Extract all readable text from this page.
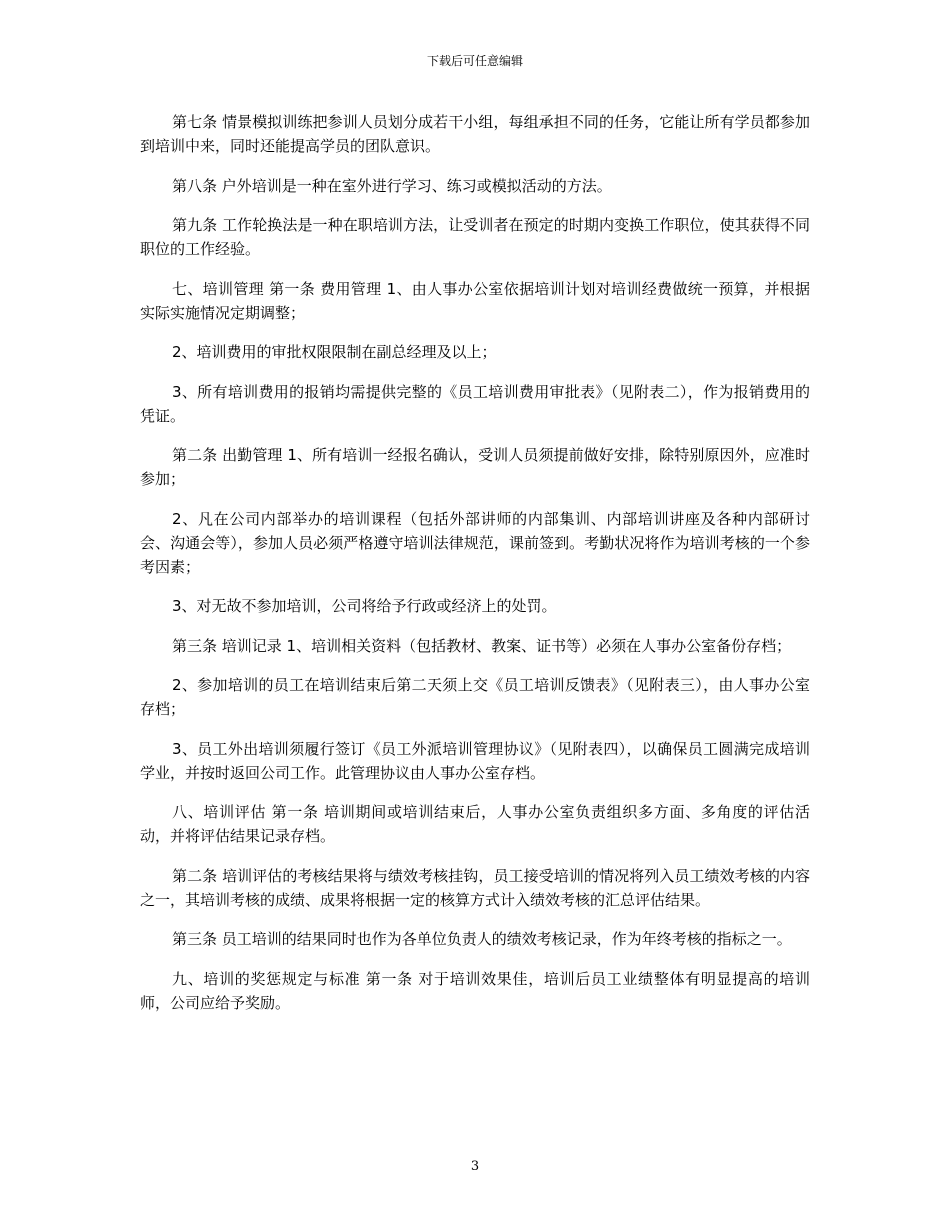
下载后可任意编辑

第七条 情景模拟训练把参训人员划分成若干小组，每组承担不同的任务，它能让所有学员都参加到培训中来，同时还能提高学员的团队意识。

第八条 户外培训是一种在室外进行学习、练习或模拟活动的方法。

第九条 工作轮换法是一种在职培训方法，让受训者在预定的时期内变换工作职位，使其获得不同职位的工作经验。

七、培训管理 第一条 费用管理 1、由人事办公室依据培训计划对培训经费做统一预算，并根据实际实施情况定期调整；

2、培训费用的审批权限限制在副总经理及以上；

3、所有培训费用的报销均需提供完整的《员工培训费用审批表》（见附表二），作为报销费用的凭证。

第二条 出勤管理 1、所有培训一经报名确认，受训人员须提前做好安排，除特别原因外，应准时参加；

2、凡在公司内部举办的培训课程（包括外部讲师的内部集训、内部培训讲座及各种内部研讨会、沟通会等），参加人员必须严格遵守培训法律规范，课前签到。考勤状况将作为培训考核的一个参考因素；

3、对无故不参加培训，公司将给予行政或经济上的处罚。

第三条 培训记录 1、培训相关资料（包括教材、教案、证书等）必须在人事办公室备份存档；

2、参加培训的员工在培训结束后第二天须上交《员工培训反馈表》（见附表三），由人事办公室存档；

3、员工外出培训须履行签订《员工外派培训管理协议》（见附表四），以确保员工圆满完成培训学业，并按时返回公司工作。此管理协议由人事办公室存档。

八、培训评估 第一条 培训期间或培训结束后，人事办公室负责组织多方面、多角度的评估活动，并将评估结果记录存档。

第二条 培训评估的考核结果将与绩效考核挂钩，员工接受培训的情况将列入员工绩效考核的内容之一，其培训考核的成绩、成果将根据一定的核算方式计入绩效考核的汇总评估结果。

第三条 员工培训的结果同时也作为各单位负责人的绩效考核记录，作为年终考核的指标之一。

九、培训的奖惩规定与标准 第一条 对于培训效果佳，培训后员工业绩整体有明显提高的培训师，公司应给予奖励。

3
